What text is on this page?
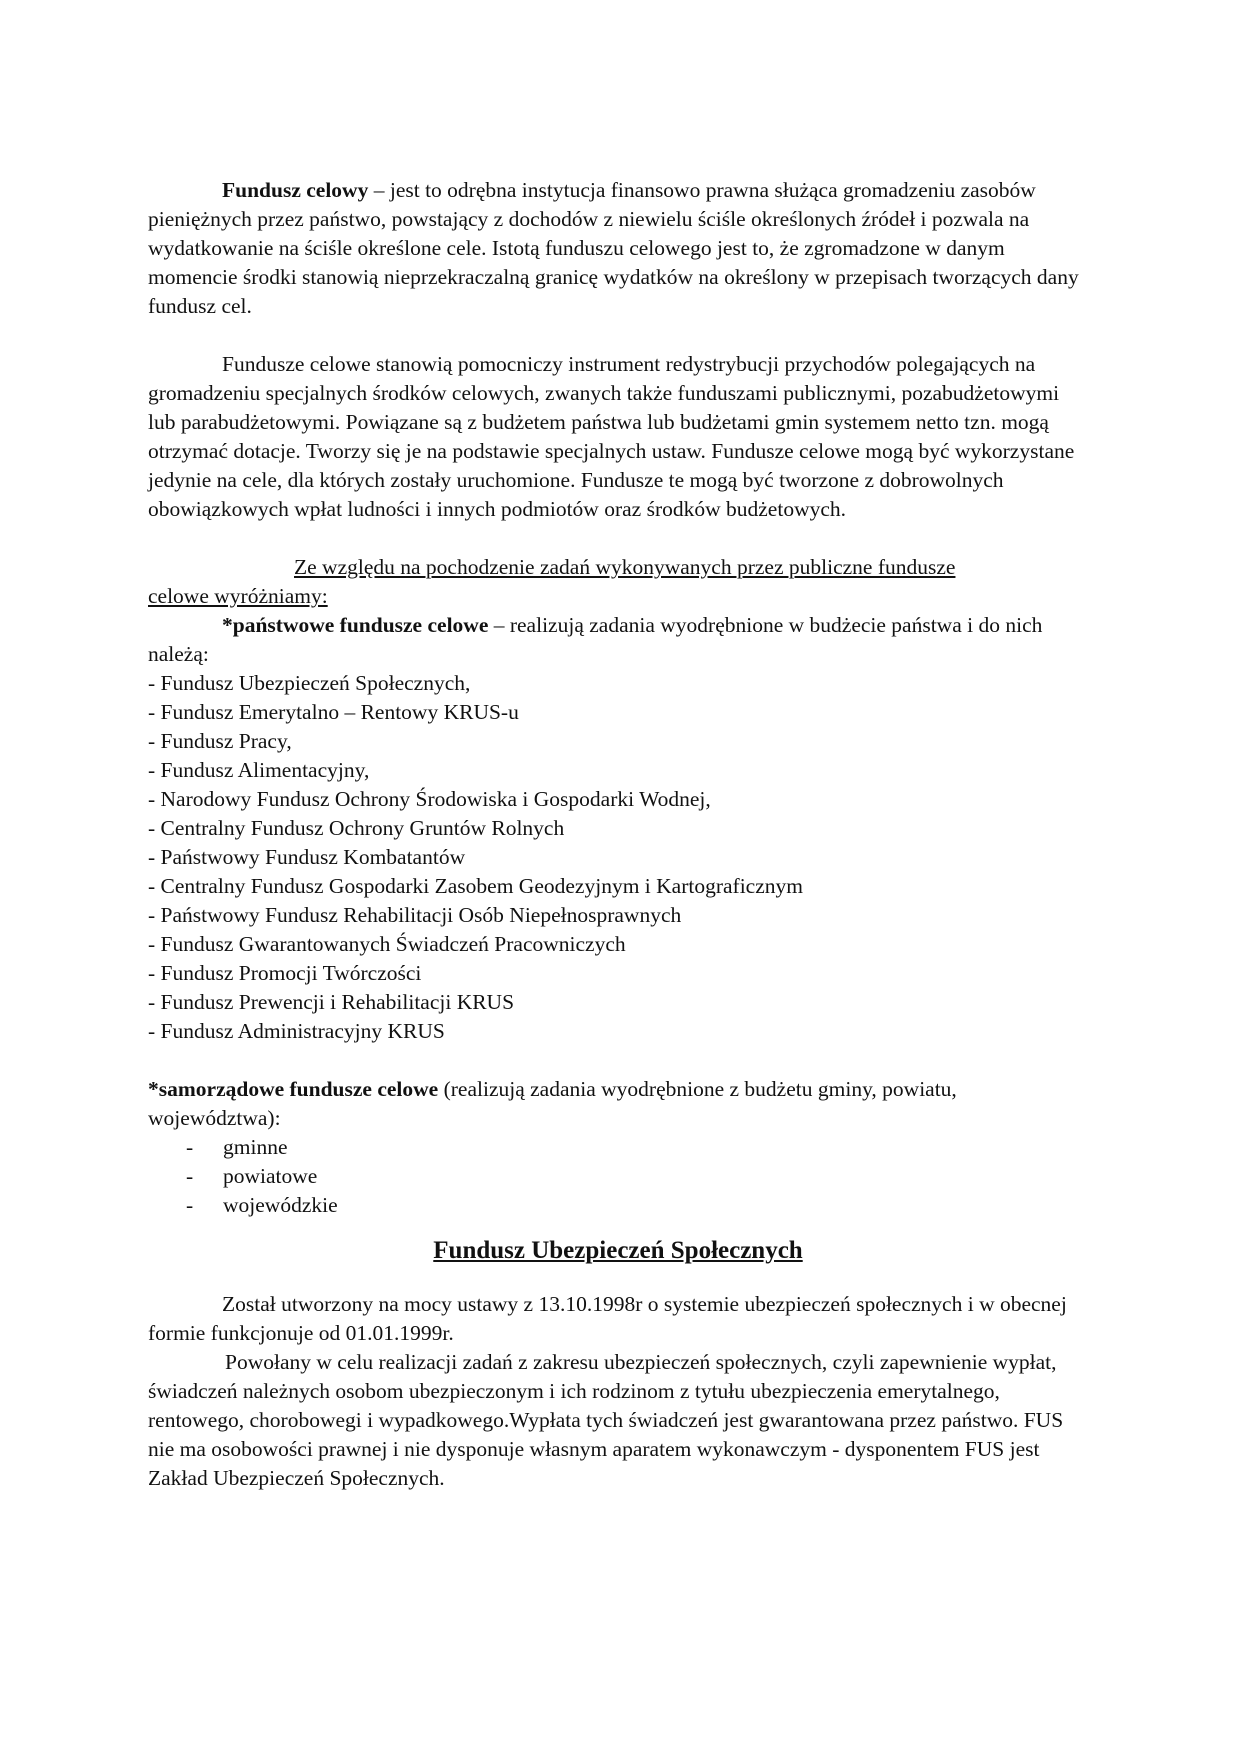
Fundusz celowy – jest to odrębna instytucja finansowo prawna służąca gromadzeniu zasobów pieniężnych przez państwo, powstający z dochodów z niewielu ściśle określonych źródeł i pozwala na wydatkowanie na ściśle określone cele. Istotą funduszu celowego jest to, że zgromadzone w danym momencie środki stanowią nieprzekraczalną granicę wydatków na określony w przepisach tworzących dany fundusz cel.

Fundusze celowe stanowią pomocniczy instrument redystrybucji przychodów polegających na gromadzeniu specjalnych środków celowych, zwanych także funduszami publicznymi, pozabudżetowymi lub parabudżetowymi. Powiązane są z budżetem państwa lub budżetami gmin systemem netto tzn. mogą otrzymać dotacje. Tworzy się je na podstawie specjalnych ustaw. Fundusze celowe mogą być wykorzystane jedynie na cele, dla których zostały uruchomione. Fundusze te mogą być tworzone z dobrowolnych obowiązkowych wpłat ludności i innych podmiotów oraz środków budżetowych.

Ze względu na pochodzenie zadań wykonywanych przez publiczne fundusze
celowe wyróżniamy:

*państwowe fundusze celowe – realizują zadania wyodrębnione w budżecie państwa i do nich należą:

- Fundusz Ubezpieczeń Społecznych,
- Fundusz Emerytalno – Rentowy KRUS-u
- Fundusz Pracy,
- Fundusz Alimentacyjny,
- Narodowy Fundusz Ochrony Środowiska i Gospodarki Wodnej,
- Centralny Fundusz Ochrony Gruntów Rolnych
- Państwowy Fundusz Kombatantów
- Centralny Fundusz Gospodarki Zasobem Geodezyjnym i Kartograficznym
- Państwowy Fundusz Rehabilitacji Osób Niepełnosprawnych
- Fundusz Gwarantowanych Świadczeń Pracowniczych
- Fundusz Promocji Twórczości
- Fundusz Prewencji i Rehabilitacji KRUS
- Fundusz Administracyjny KRUS

*samorządowe fundusze celowe (realizują zadania wyodrębnione z budżetu gminy, powiatu, województwa):

- gminne
- powiatowe
- wojewódzkie
Fundusz Ubezpieczeń Społecznych

Został utworzony na mocy ustawy z 13.10.1998r o systemie ubezpieczeń społecznych i w obecnej formie funkcjonuje od 01.01.1999r.

Powołany w celu realizacji zadań z zakresu ubezpieczeń społecznych, czyli zapewnienie wypłat, świadczeń należnych osobom ubezpieczonym i ich rodzinom z tytułu ubezpieczenia emerytalnego, rentowego, chorobowegi i wypadkowego.Wypłata tych świadczeń jest gwarantowana przez państwo. FUS nie ma osobowości prawnej i nie dysponuje własnym aparatem wykonawczym - dysponentem FUS jest Zakład Ubezpieczeń Społecznych.
